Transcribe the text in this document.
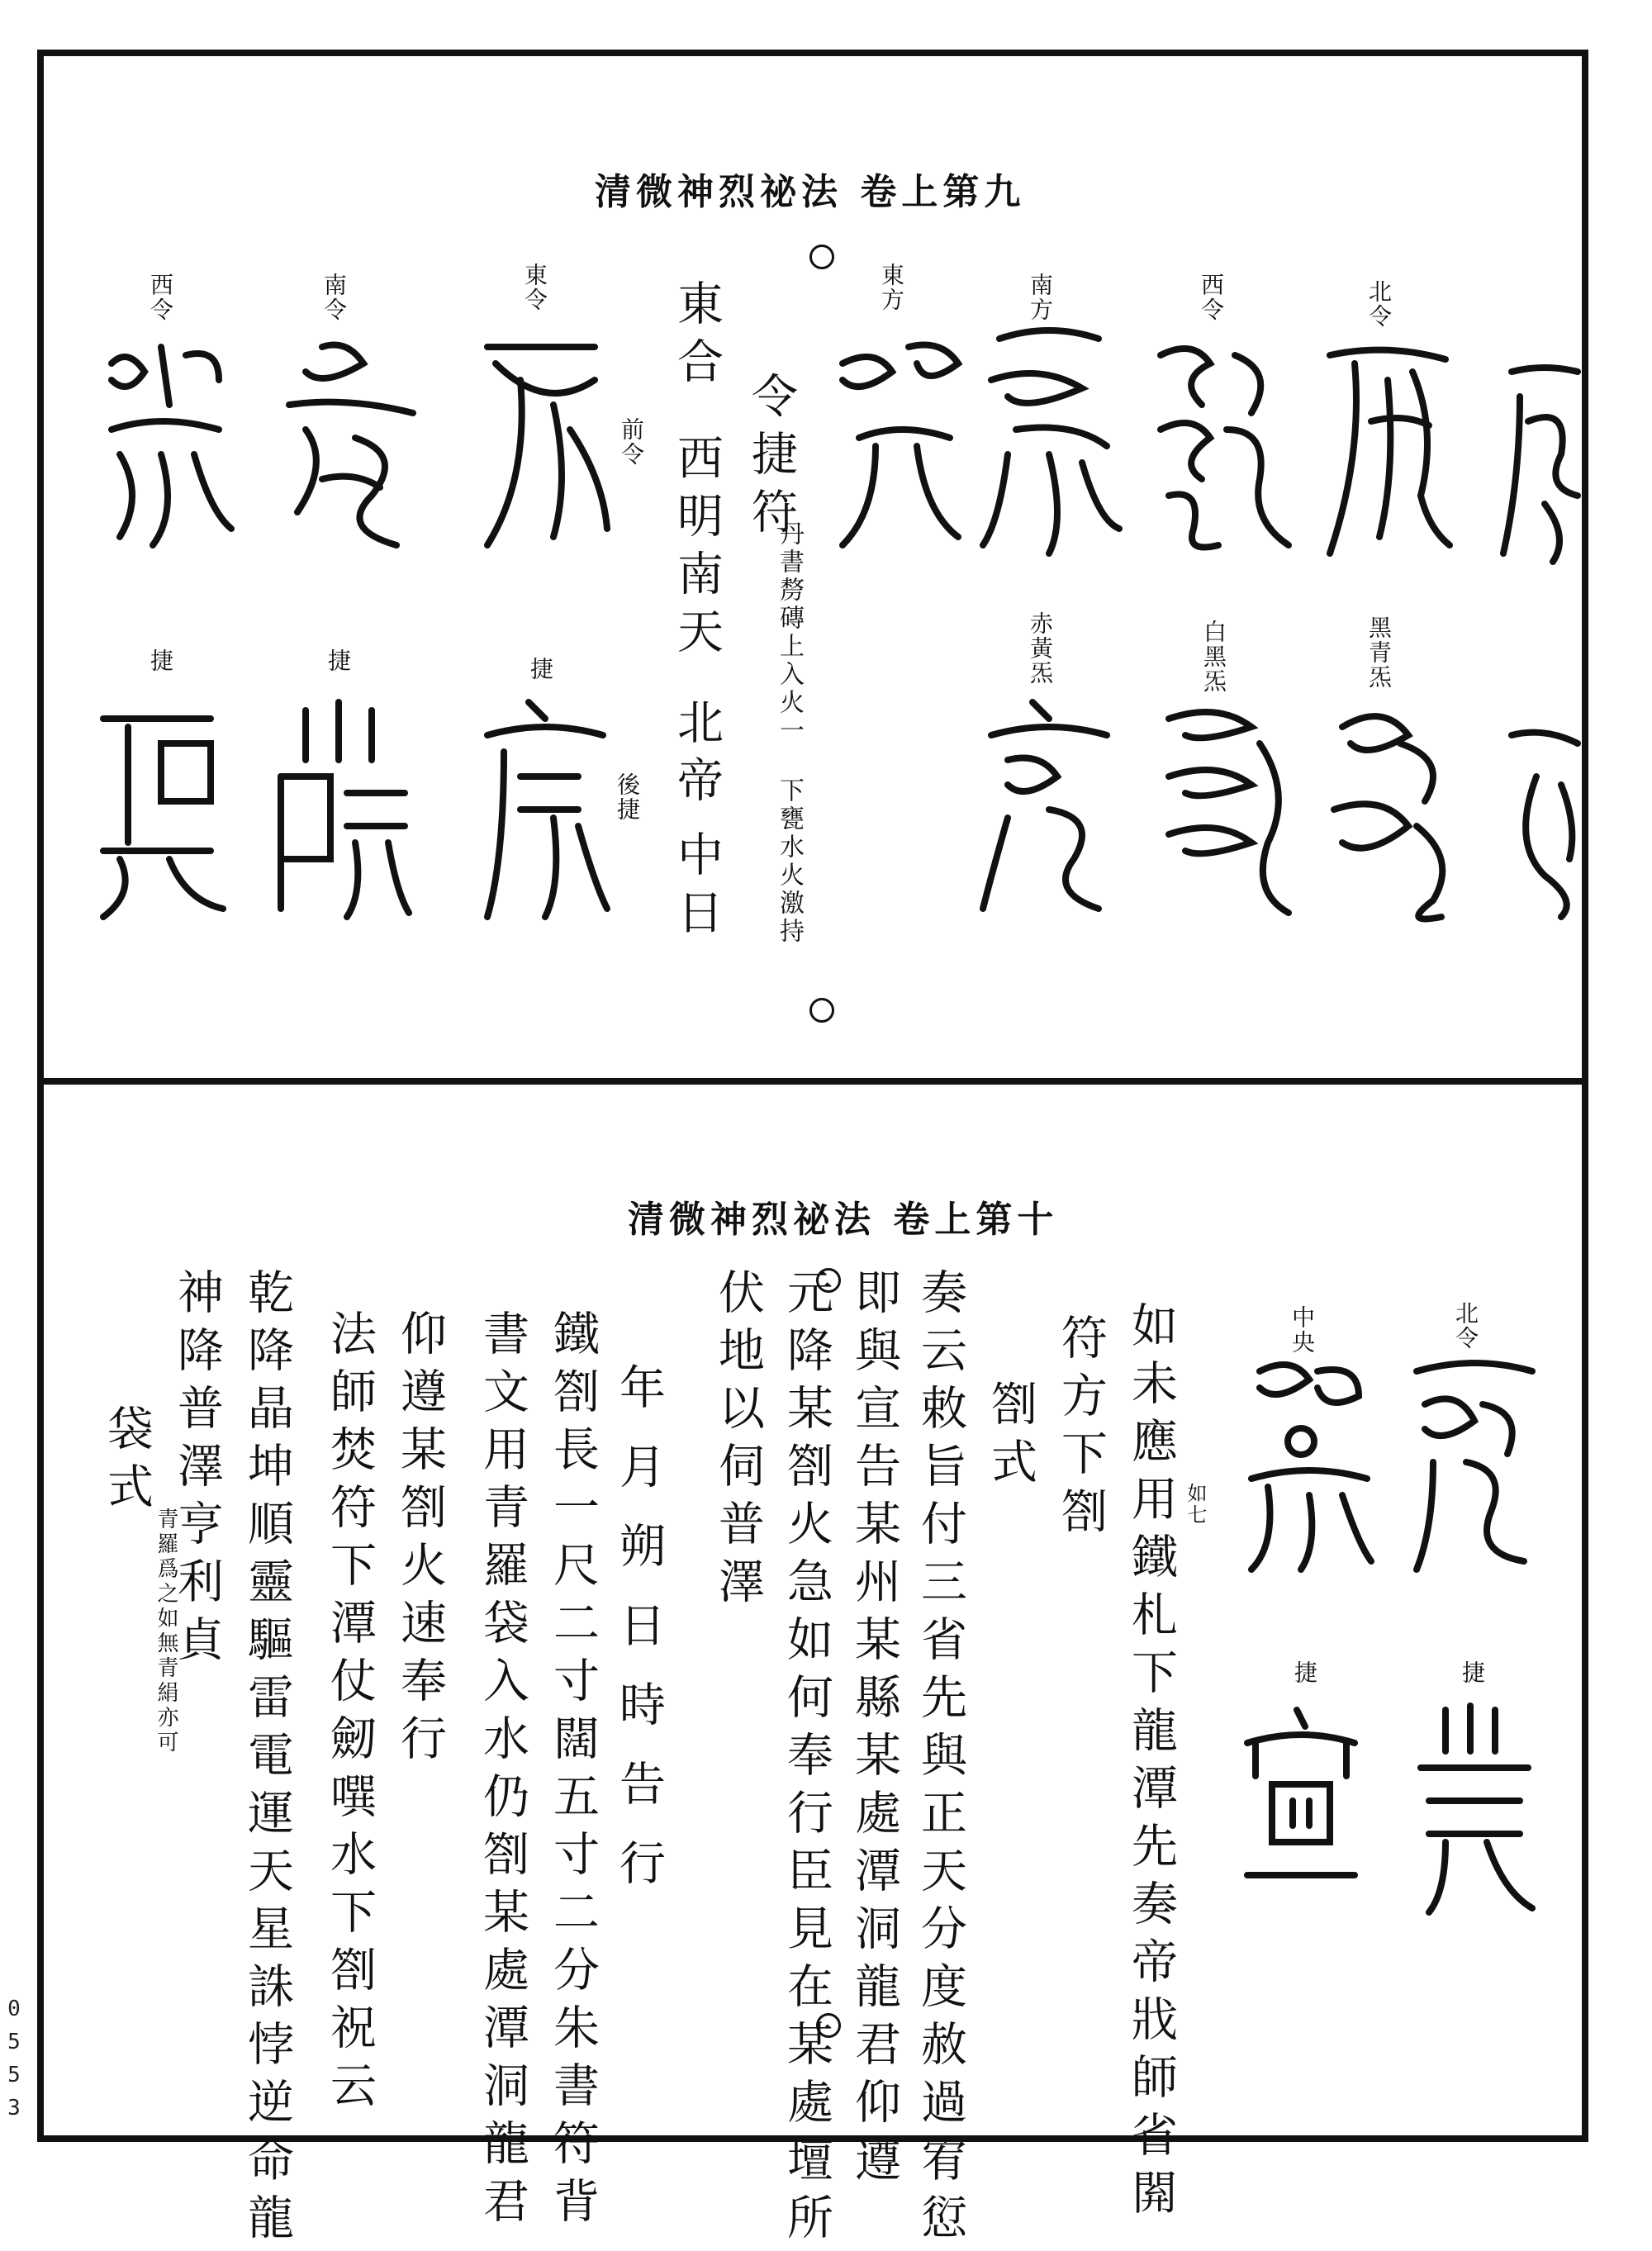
清微神烈祕法 卷上第九
北令
西令
南方
東方
東令
南令
西令
黑青炁
白黑炁
赤黃炁
捷
捷
捷
令捷符
丹書剺磚上入火一 下甕水火激持
東合
西明
南天
北帝
中日
前令
後捷
清微神烈祕法 卷上第十
北令
中央
捷
捷
如七
如未應用鐵札下龍潭先奏帝戕師省閞
符方下劄
劄式
奏云敕旨付三省先與正天分度赦過宥愆
即與宣告某州某縣某處潭洞龍君仰遵
元降某劄火急如何奉行臣見在某處壇所
伏地以伺普澤
年月朔日時告行
鐵劄長一尺二寸闊五寸二分朱書符背
書文用青羅袋入水仍劄某處潭洞龍君
仰遵某劄火速奉行
法師焚符下潭仗劒噀水下劄祝云
乾降晶坤順靈驅雷電運天星誅悖逆命龍
神降普澤亨利貞
袋式
青羅爲之如無青絹亦可
0553
